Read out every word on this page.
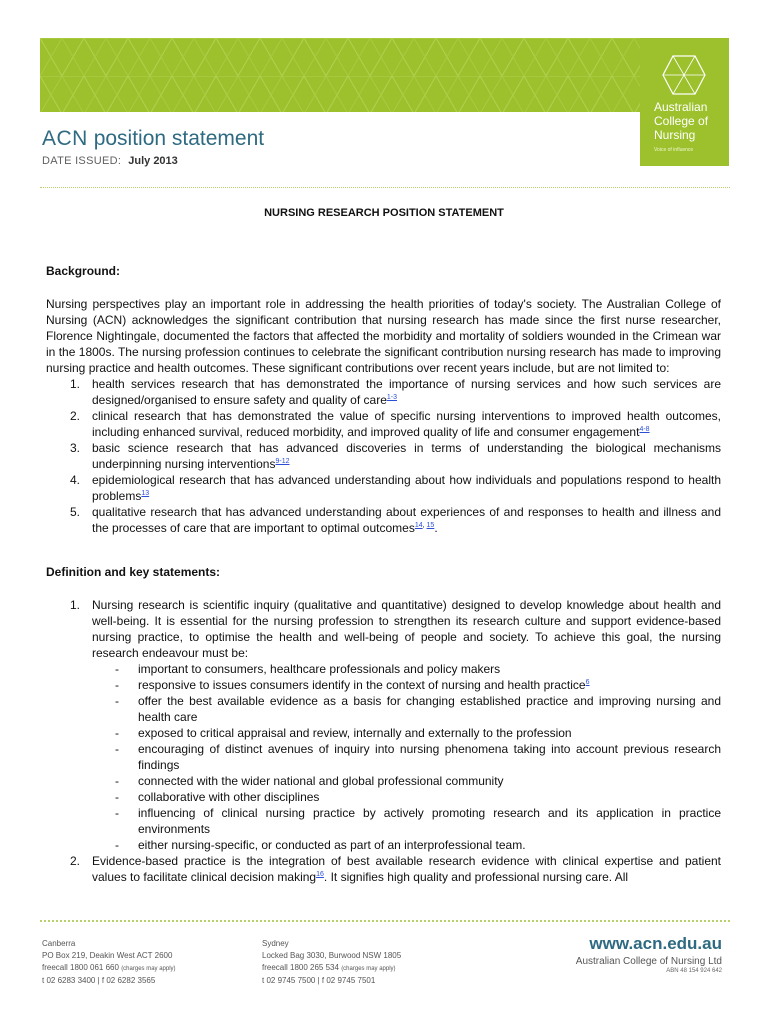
Australian
College of
Nursing
Voice of influence
ACN position statement
DATE ISSUED: July 2013
NURSING RESEARCH POSITION STATEMENT

Background:

Nursing perspectives play an important role in addressing the health priorities of today's society. The Australian College of Nursing (ACN) acknowledges the significant contribution that nursing research has made since the first nurse researcher, Florence Nightingale, documented the factors that affected the morbidity and mortality of soldiers wounded in the Crimean war in the 1800s. The nursing profession continues to celebrate the significant contribution nursing research has made to improving nursing practice and health outcomes. These significant contributions over recent years include, but are not limited to:

1. health services research that has demonstrated the importance of nursing services and how such services are designed/organised to ensure safety and quality of care$^{1-3}$
2. clinical research that has demonstrated the value of specific nursing interventions to improved health outcomes, including enhanced survival, reduced morbidity, and improved quality of life and consumer engagement$^{4-8}$
3. basic science research that has advanced discoveries in terms of understanding the biological mechanisms underpinning nursing interventions$^{9-12}$
4. epidemiological research that has advanced understanding about how individuals and populations respond to health problems$^{13}$
5. qualitative research that has advanced understanding about experiences of and responses to health and illness and the processes of care that are important to optimal outcomes$^{14,}$ $^{15}$.

Definition and key statements:

1. Nursing research is scientific inquiry (qualitative and quantitative) designed to develop knowledge about health and well-being. It is essential for the nursing profession to strengthen its research culture and support evidence-based nursing practice, to optimise the health and well-being of people and society. To achieve this goal, the nursing research endeavour must be:
- important to consumers, healthcare professionals and policy makers
- responsive to issues consumers identify in the context of nursing and health practice$^6$
- offer the best available evidence as a basis for changing established practice and improving nursing and health care
- exposed to critical appraisal and review, internally and externally to the profession
- encouraging of distinct avenues of inquiry into nursing phenomena taking into account previous research findings
- connected with the wider national and global professional community
- collaborative with other disciplines
- influencing of clinical nursing practice by actively promoting research and its application in practice environments
- either nursing-specific, or conducted as part of an interprofessional team.
2. Evidence-based practice is the integration of best available research evidence with clinical expertise and patient values to facilitate clinical decision making$^{16}$. It signifies high quality and professional nursing care. All
Canberra
PO Box 219, Deakin West ACT 2600
freecall 1800 061 660 (charges may apply)
t 02 6283 3400 | f 02 6282 3565
Sydney
Locked Bag 3030, Burwood NSW 1805
freecall 1800 265 534 (charges may apply)
t 02 9745 7500 | f 02 9745 7501
www.acn.edu.au
Australian College of Nursing Ltd
ABN 48 154 924 642
